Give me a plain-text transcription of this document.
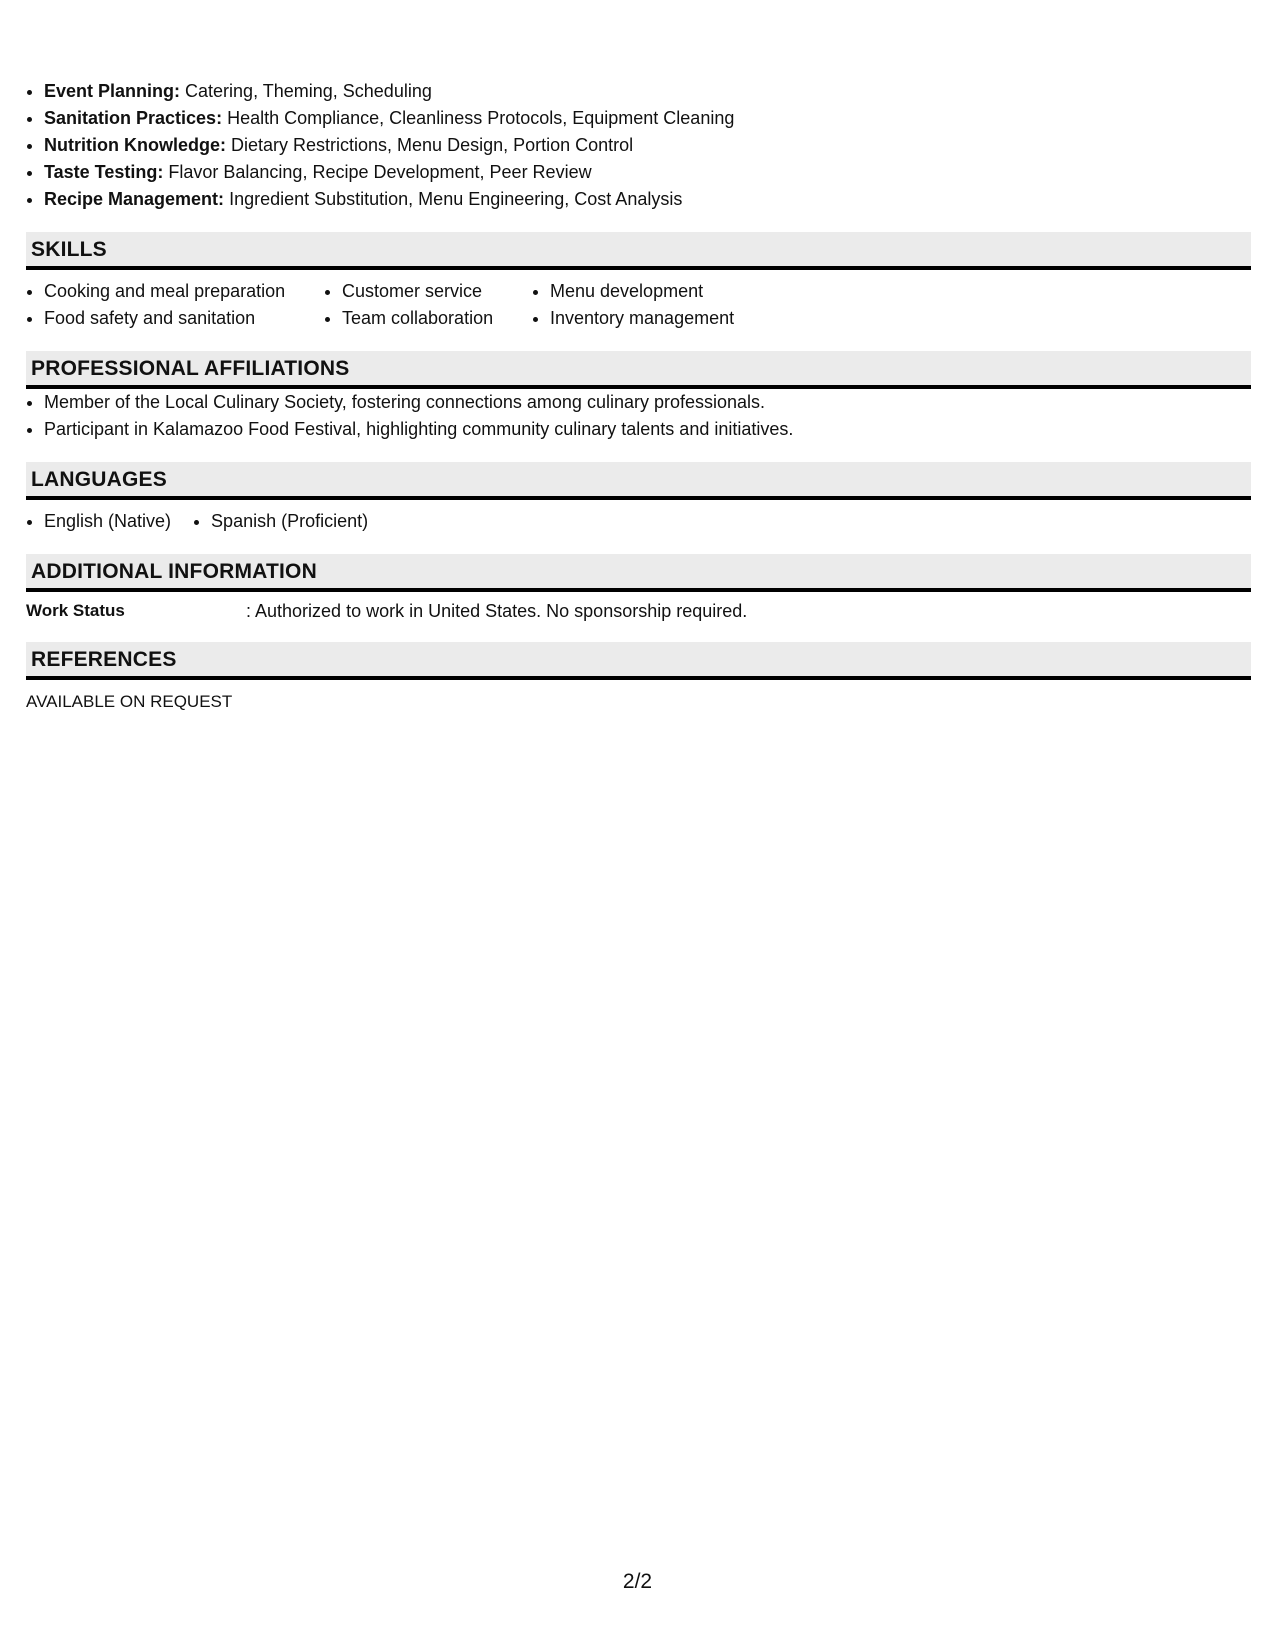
• Event Planning: Catering, Theming, Scheduling
• Sanitation Practices: Health Compliance, Cleanliness Protocols, Equipment Cleaning
• Nutrition Knowledge: Dietary Restrictions, Menu Design, Portion Control
• Taste Testing: Flavor Balancing, Recipe Development, Peer Review
• Recipe Management: Ingredient Substitution, Menu Engineering, Cost Analysis
SKILLS
• Cooking and meal preparation
• Food safety and sanitation
• Customer service
• Team collaboration
• Menu development
• Inventory management
PROFESSIONAL AFFILIATIONS
• Member of the Local Culinary Society, fostering connections among culinary professionals.
• Participant in Kalamazoo Food Festival, highlighting community culinary talents and initiatives.
LANGUAGES
• English (Native)
• Spanish (Proficient)
ADDITIONAL INFORMATION
Work Status	: Authorized to work in United States. No sponsorship required.
REFERENCES
AVAILABLE ON REQUEST
2/2
